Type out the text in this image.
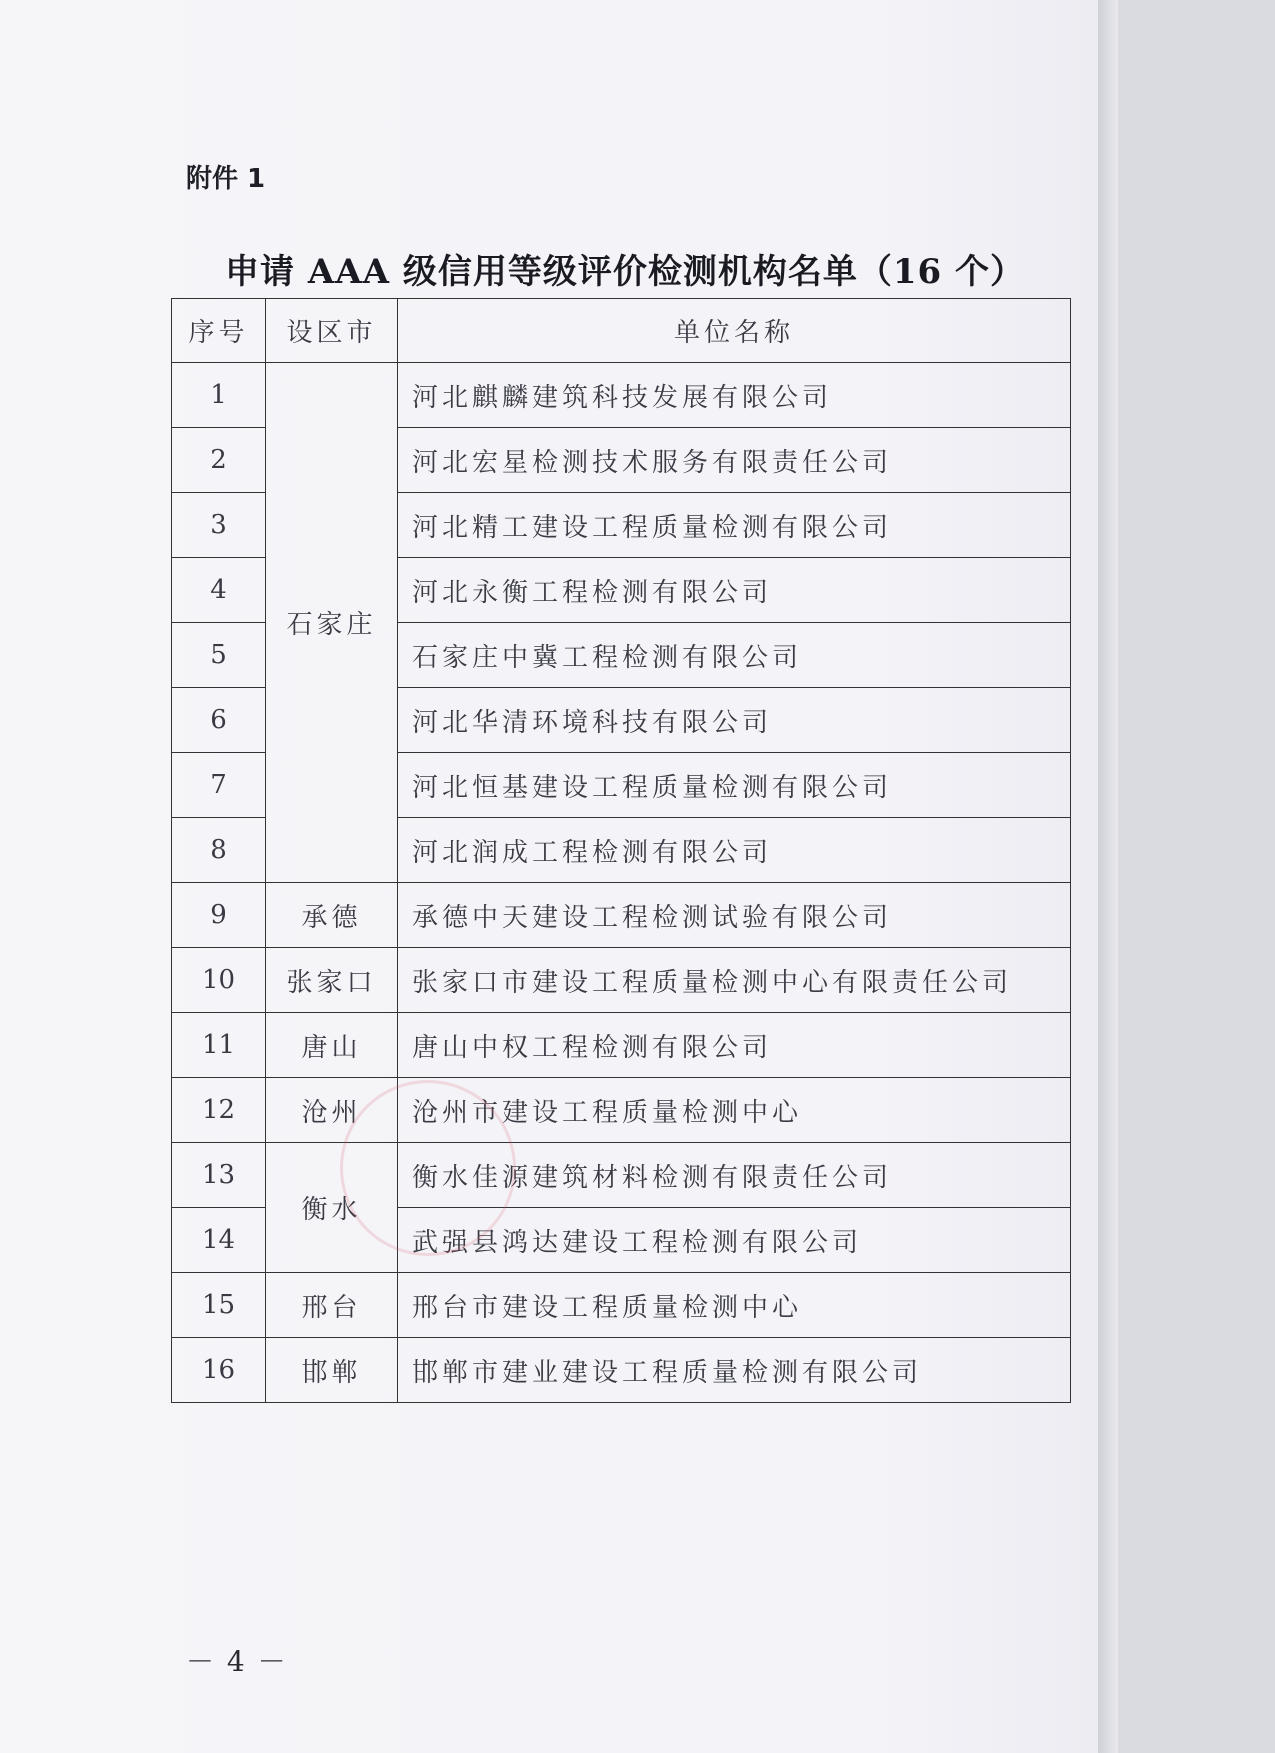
附件 1
申请 AAA 级信用等级评价检测机构名单（16 个）
序号	设区市	单位名称
1	石家庄	河北麒麟建筑科技发展有限公司
2		河北宏星检测技术服务有限责任公司
3		河北精工建设工程质量检测有限公司
4		河北永衡工程检测有限公司
5		石家庄中冀工程检测有限公司
6		河北华清环境科技有限公司
7		河北恒基建设工程质量检测有限公司
8		河北润成工程检测有限公司
9	承德	承德中天建设工程检测试验有限公司
10	张家口	张家口市建设工程质量检测中心有限责任公司
11	唐山	唐山中权工程检测有限公司
12	沧州	沧州市建设工程质量检测中心
13	衡水	衡水佳源建筑材料检测有限责任公司
14		武强县鸿达建设工程检测有限公司
15	邢台	邢台市建设工程质量检测中心
16	邯郸	邯郸市建业建设工程质量检测有限公司
－ 4 －
